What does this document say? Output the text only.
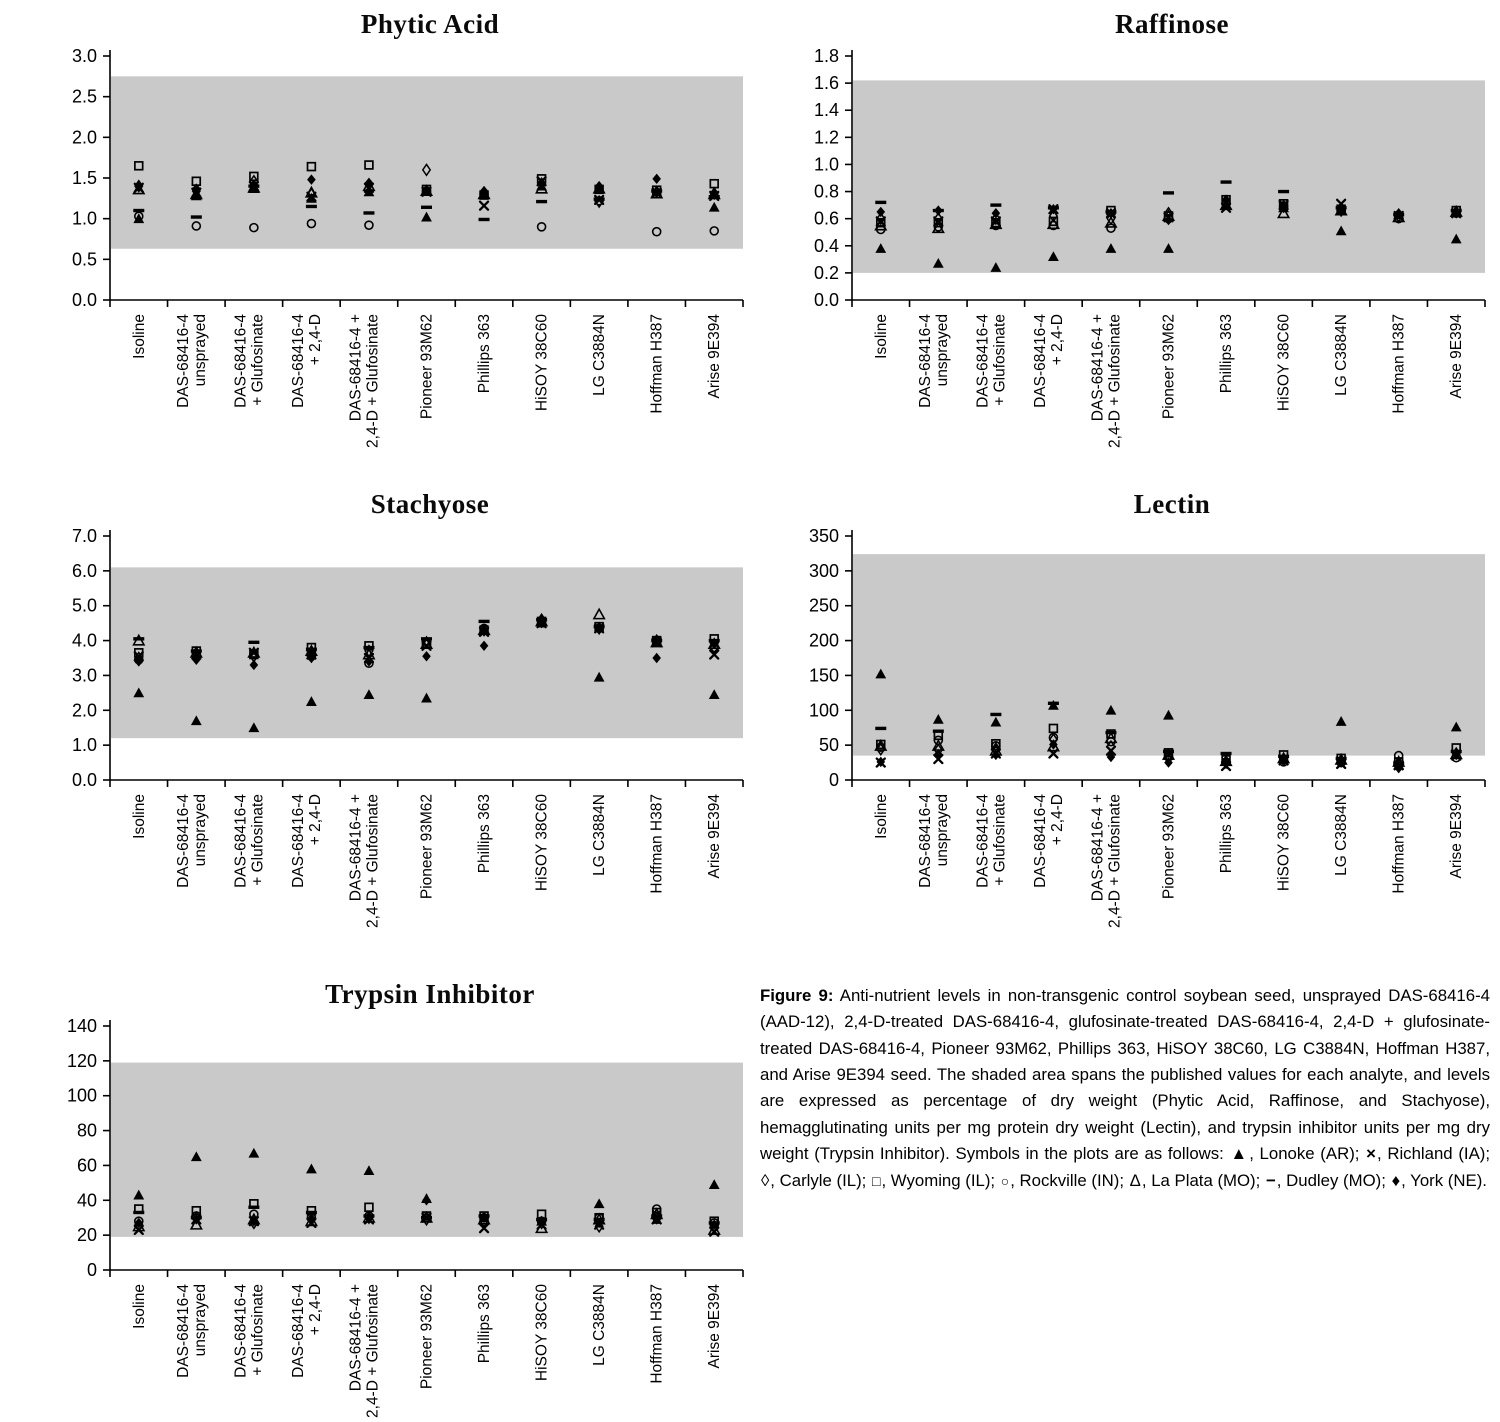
Phytic Acid
0.0
0.5
1.0
1.5
2.0
2.5
3.0
Isoline DAS-68416-4 unsprayed DAS-68416-4 + Glufosinate DAS-68416-4 + 2,4-D DAS-68416-4 + 2,4-D + Glufosinate Pioneer 93M62	Phillips 363	HiSOY 38C60	LG C3884N	Hoffman H387	Arise 9E394
Raffinose
0.0
0.2
0.4
0.6
0.8
1.0
1.2
1.4
1.6
1.8
Isoline DAS-68416-4 unsprayed DAS-68416-4 + Glufosinate DAS-68416-4 + 2,4-D DAS-68416-4 + 2,4-D + Glufosinate Pioneer 93M62	Phillips 363	HiSOY 38C60	LG C3884N	Hoffman H387	Arise 9E394
Stachyose
0.0
1.0
2.0
3.0
4.0
5.0
6.0
7.0
Isoline DAS-68416-4 unsprayed DAS-68416-4 + Glufosinate DAS-68416-4 + 2,4-D DAS-68416-4 + 2,4-D + Glufosinate Pioneer 93M62	Phillips 363	HiSOY 38C60	LG C3884N	Hoffman H387	Arise 9E394
Lectin
0
50
100
150
200
250
300
350
Isoline DAS-68416-4 unsprayed DAS-68416-4 + Glufosinate DAS-68416-4 + 2,4-D DAS-68416-4 + 2,4-D + Glufosinate Pioneer 93M62	Phillips 363	HiSOY 38C60	LG C3884N	Hoffman H387	Arise 9E394
Trypsin Inhibitor
0
20
40
60
80
100
120
140
Isoline DAS-68416-4 unsprayed DAS-68416-4 + Glufosinate DAS-68416-4 + 2,4-D DAS-68416-4 + 2,4-D + Glufosinate Pioneer 93M62	Phillips 363	HiSOY 38C60	LG C3884N	Hoffman H387	Arise 9E394
Figure 9: Anti-nutrient levels in non-transgenic control soybean seed, unsprayed DAS-68416-4 (AAD-12), 2,4-D-treated DAS-68416-4, glufosinate-treated DAS-68416-4, 2,4-D + glufosinate-treated DAS-68416-4, Pioneer 93M62, Phillips 363, HiSOY 38C60, LG C3884N, Hoffman H387, and Arise 9E394 seed. The shaded area spans the published values for each analyte, and levels are expressed as percentage of dry weight (Phytic Acid, Raffinose, and Stachyose), hemagglutinating units per mg protein dry weight (Lectin), and trypsin inhibitor units per mg dry weight (Trypsin Inhibitor). Symbols in the plots are as follows: ▲, Lonoke (AR); ×, Richland (IA); ◊, Carlyle (IL); □, Wyoming (IL); ○, Rockville (IN); Δ, La Plata (MO); −, Dudley (MO); ♦, York (NE).
